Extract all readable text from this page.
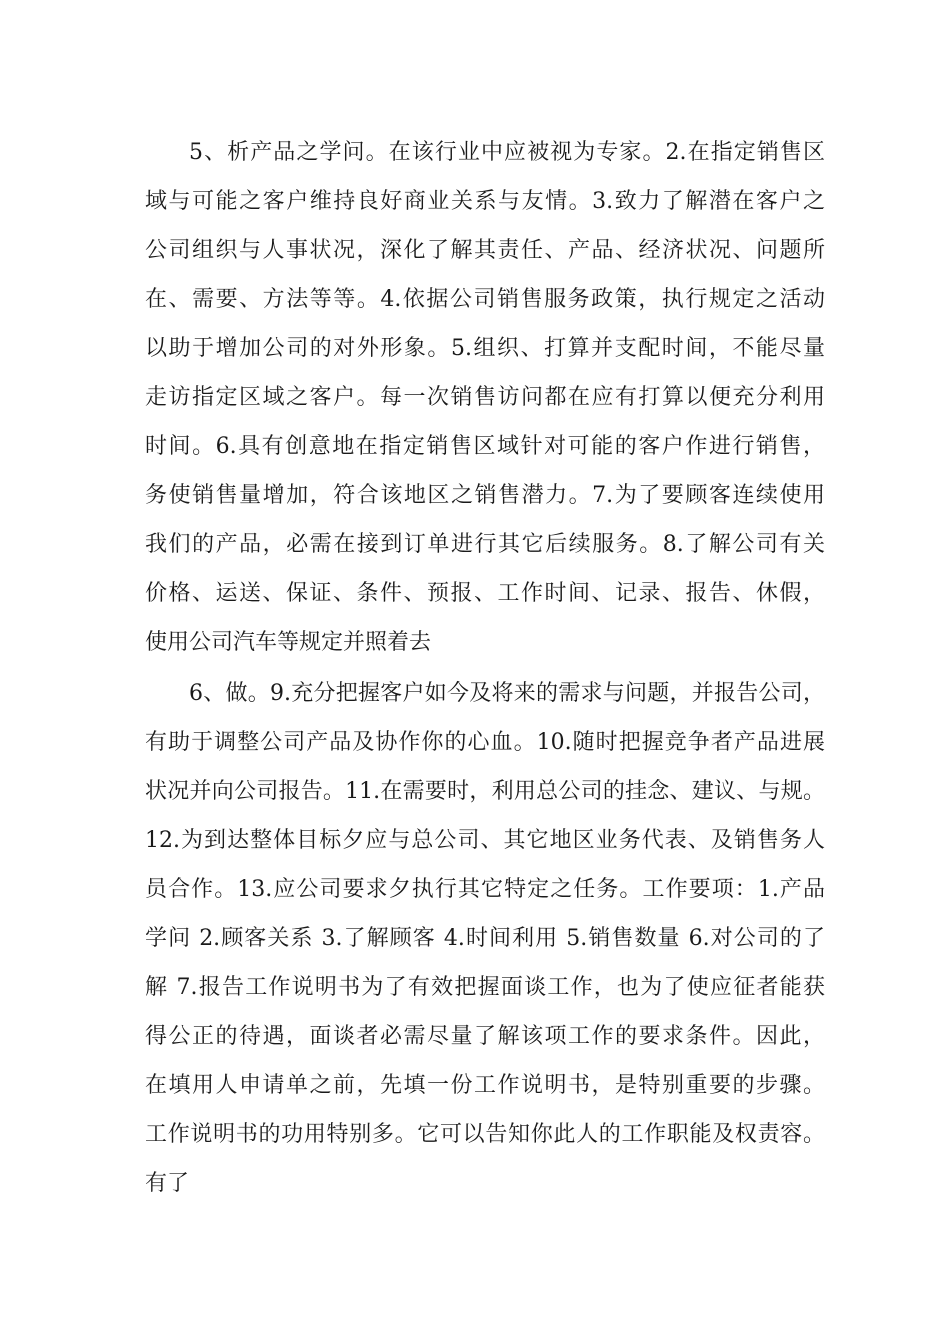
5、析产品之学问。在该行业中应被视为专家。2.在指定销售区
域与可能之客户维持良好商业关系与友情。3.致力了解潜在客户之
公司组织与人事状况，深化了解其责任、产品、经济状况、问题所
在、需要、方法等等。4.依据公司销售服务政策，执行规定之活动
以助于增加公司的对外形象。5.组织、打算并支配时间，不能尽量
走访指定区域之客户。每一次销售访问都在应有打算以便充分利用
时间。6.具有创意地在指定销售区域针对可能的客户作进行销售，
务使销售量增加，符合该地区之销售潜力。7.为了要顾客连续使用
我们的产品，必需在接到订单进行其它后续服务。8.了解公司有关
价格、运送、保证、条件、预报、工作时间、记录、报告、休假，
使用公司汽车等规定并照着去
6、做。9.充分把握客户如今及将来的需求与问题，并报告公司，
有助于调整公司产品及协作你的心血。10.随时把握竞争者产品进展
状况并向公司报告。11.在需要时，利用总公司的挂念、建议、与规。
12.为到达整体目标夕应与总公司、其它地区业务代表、及销售务人
员合作。13.应公司要求夕执行其它特定之任务。工作要项：1.产品
学问 2.顾客关系 3.了解顾客 4.时间利用 5.销售数量 6.对公司的了
解 7.报告工作说明书为了有效把握面谈工作，也为了使应征者能获
得公正的待遇，面谈者必需尽量了解该项工作的要求条件。因此，
在填用人申请单之前，先填一份工作说明书，是特别重要的步骤。
工作说明书的功用特别多。它可以告知你此人的工作职能及权责容。
有了
